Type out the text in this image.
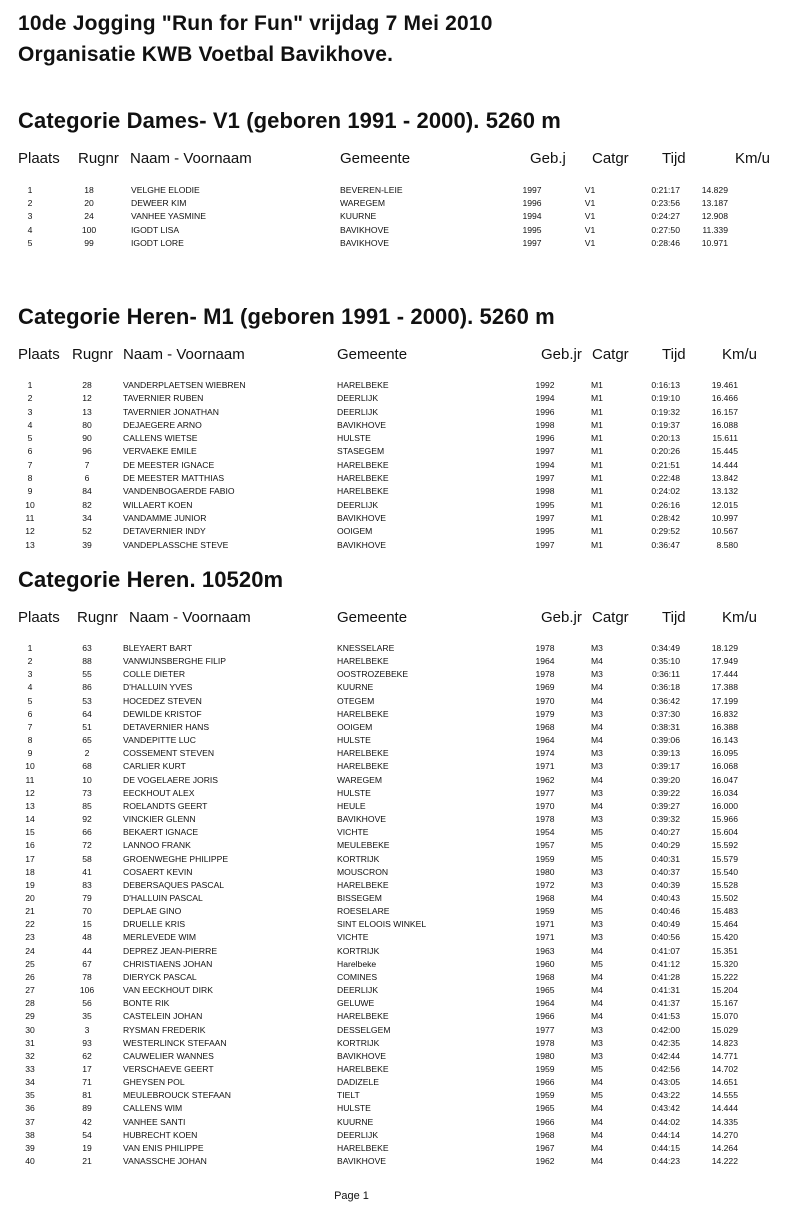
10de Jogging "Run for Fun" vrijdag 7 Mei 2010
Organisatie KWB Voetbal Bavikhove.
Categorie Dames- V1 (geboren 1991 - 2000). 5260 m
Plaats Rugnr Naam - Voornaam	Gemeente	Geb.j Catgr Tijd	Km/u
1	18	VELGHE ELODIE	BEVEREN-LEIE	1997	V1	0:21:17	14.829
2	20	DEWEER KIM	WAREGEM	1996	V1	0:23:56	13.187
3	24	VANHEE YASMINE	KUURNE	1994	V1	0:24:27	12.908
4	100	IGODT LISA	BAVIKHOVE	1995	V1	0:27:50	11.339
5	99	IGODT LORE	BAVIKHOVE	1997	V1	0:28:46	10.971
Categorie Heren- M1 (geboren 1991 - 2000). 5260 m
Plaats Rugnr Naam - Voornaam	Gemeente	Geb.jr Catgr Tijd Km/u
1	28	VANDERPLAETSEN WIEBREN	HARELBEKE	1992	M1	0:16:13	19.461
2	12	TAVERNIER RUBEN	DEERLIJK	1994	M1	0:19:10	16.466
3	13	TAVERNIER JONATHAN	DEERLIJK	1996	M1	0:19:32	16.157
4	80	DEJAEGERE ARNO	BAVIKHOVE	1998	M1	0:19:37	16.088
5	90	CALLENS WIETSE	HULSTE	1996	M1	0:20:13	15.611
6	96	VERVAEKE EMILE	STASEGEM	1997	M1	0:20:26	15.445
7	7	DE MEESTER IGNACE	HARELBEKE	1994	M1	0:21:51	14.444
8	6	DE MEESTER MATTHIAS	HARELBEKE	1997	M1	0:22:48	13.842
9	84	VANDENBOGAERDE FABIO	HARELBEKE	1998	M1	0:24:02	13.132
10	82	WILLAERT KOEN	DEERLIJK	1995	M1	0:26:16	12.015
11	34	VANDAMME JUNIOR	BAVIKHOVE	1997	M1	0:28:42	10.997
12	52	DETAVERNIER INDY	OOIGEM	1995	M1	0:29:52	10.567
13	39	VANDEPLASSCHE STEVE	BAVIKHOVE	1997	M1	0:36:47	8.580
Categorie Heren. 10520m
Plaats Rugnr Naam - Voornaam	Gemeente	Geb.jr Catgr Tijd Km/u
1	63	BLEYAERT BART	KNESSELARE	1978	M3	0:34:49	18.129
2	88	VANWIJNSBERGHE FILIP	HARELBEKE	1964	M4	0:35:10	17.949
3	55	COLLE DIETER	OOSTROZEBEKE	1978	M3	0:36:11	17.444
4	86	D'HALLUIN YVES	KUURNE	1969	M4	0:36:18	17.388
5	53	HOCEDEZ STEVEN	OTEGEM	1970	M4	0:36:42	17.199
6	64	DEWILDE KRISTOF	HARELBEKE	1979	M3	0:37:30	16.832
7	51	DETAVERNIER HANS	OOIGEM	1968	M4	0:38:31	16.388
8	65	VANDEPITTE LUC	HULSTE	1964	M4	0:39:06	16.143
9	2	COSSEMENT STEVEN	HARELBEKE	1974	M3	0:39:13	16.095
10	68	CARLIER KURT	HARELBEKE	1971	M3	0:39:17	16.068
11	10	DE VOGELAERE JORIS	WAREGEM	1962	M4	0:39:20	16.047
12	73	EECKHOUT ALEX	HULSTE	1977	M3	0:39:22	16.034
13	85	ROELANDTS GEERT	HEULE	1970	M4	0:39:27	16.000
14	92	VINCKIER GLENN	BAVIKHOVE	1978	M3	0:39:32	15.966
15	66	BEKAERT IGNACE	VICHTE	1954	M5	0:40:27	15.604
16	72	LANNOO FRANK	MEULEBEKE	1957	M5	0:40:29	15.592
17	58	GROENWEGHE PHILIPPE	KORTRIJK	1959	M5	0:40:31	15.579
18	41	COSAERT KEVIN	MOUSCRON	1980	M3	0:40:37	15.540
19	83	DEBERSAQUES PASCAL	HARELBEKE	1972	M3	0:40:39	15.528
20	79	D'HALLUIN PASCAL	BISSEGEM	1968	M4	0:40:43	15.502
21	70	DEPLAE GINO	ROESELARE	1959	M5	0:40:46	15.483
22	15	DRUELLE KRIS	SINT ELOOIS WINKEL	1971	M3	0:40:49	15.464
23	48	MERLEVEDE WIM	VICHTE	1971	M3	0:40:56	15.420
24	44	DEPREZ JEAN-PIERRE	KORTRIJK	1963	M4	0:41:07	15.351
25	67	CHRISTIAENS JOHAN	Harelbeke	1960	M5	0:41:12	15.320
26	78	DIERYCK PASCAL	COMINES	1968	M4	0:41:28	15.222
27	106	VAN EECKHOUT DIRK	DEERLIJK	1965	M4	0:41:31	15.204
28	56	BONTE RIK	GELUWE	1964	M4	0:41:37	15.167
29	35	CASTELEIN JOHAN	HARELBEKE	1966	M4	0:41:53	15.070
30	3	RYSMAN FREDERIK	DESSELGEM	1977	M3	0:42:00	15.029
31	93	WESTERLINCK STEFAAN	KORTRIJK	1978	M3	0:42:35	14.823
32	62	CAUWELIER WANNES	BAVIKHOVE	1980	M3	0:42:44	14.771
33	17	VERSCHAEVE GEERT	HARELBEKE	1959	M5	0:42:56	14.702
34	71	GHEYSEN POL	DADIZELE	1966	M4	0:43:05	14.651
35	81	MEULEBROUCK STEFAAN	TIELT	1959	M5	0:43:22	14.555
36	89	CALLENS WIM	HULSTE	1965	M4	0:43:42	14.444
37	42	VANHEE SANTI	KUURNE	1966	M4	0:44:02	14.335
38	54	HUBRECHT KOEN	DEERLIJK	1968	M4	0:44:14	14.270
39	19	VAN ENIS PHILIPPE	HARELBEKE	1967	M4	0:44:15	14.264
40	21	VANASSCHE JOHAN	BAVIKHOVE	1962	M4	0:44:23	14.222
Page 1
